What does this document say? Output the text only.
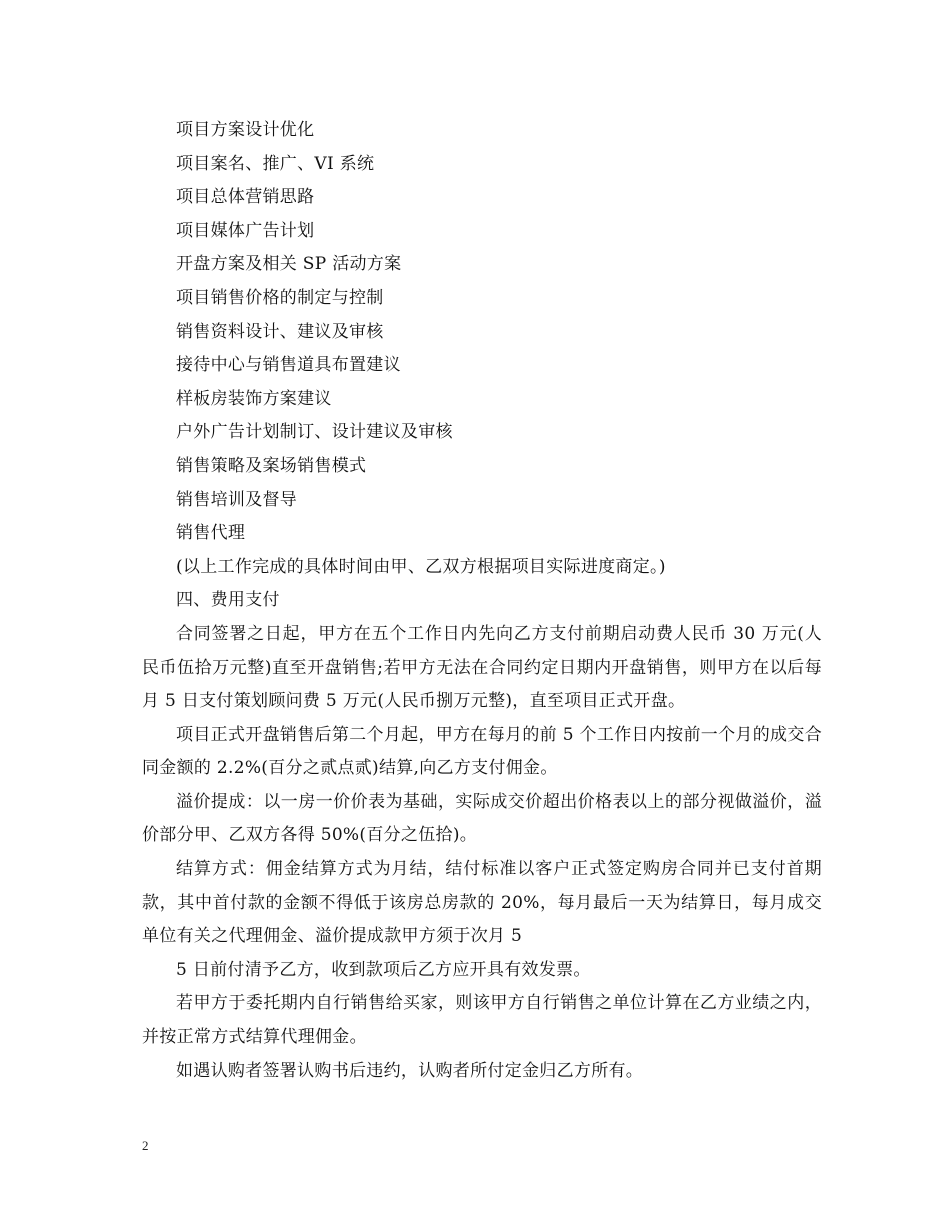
项目方案设计优化
项目案名、推广、VI 系统
项目总体营销思路
项目媒体广告计划
开盘方案及相关 SP 活动方案
项目销售价格的制定与控制
销售资料设计、建议及审核
接待中心与销售道具布置建议
样板房装饰方案建议
户外广告计划制订、设计建议及审核
销售策略及案场销售模式
销售培训及督导
销售代理
(以上工作完成的具体时间由甲、乙双方根据项目实际进度商定。)
四、费用支付

合同签署之日起，甲方在五个工作日内先向乙方支付前期启动费人民币 30 万元(人民币伍拾万元整)直至开盘销售;若甲方无法在合同约定日期内开盘销售，则甲方在以后每月 5 日支付策划顾问费 5 万元(人民币捌万元整)，直至项目正式开盘。

项目正式开盘销售后第二个月起，甲方在每月的前 5 个工作日内按前一个月的成交合同金额的 2.2%(百分之贰点贰)结算,向乙方支付佣金。

溢价提成：以一房一价价表为基础，实际成交价超出价格表以上的部分视做溢价，溢价部分甲、乙双方各得 50%(百分之伍拾)。

结算方式：佣金结算方式为月结，结付标准以客户正式签定购房合同并已支付首期款，其中首付款的金额不得低于该房总房款的 20%，每月最后一天为结算日，每月成交单位有关之代理佣金、溢价提成款甲方须于次月 5

5 日前付清予乙方，收到款项后乙方应开具有效发票。

若甲方于委托期内自行销售给买家，则该甲方自行销售之单位计算在乙方业绩之内，并按正常方式结算代理佣金。

如遇认购者签署认购书后违约，认购者所付定金归乙方所有。

2
